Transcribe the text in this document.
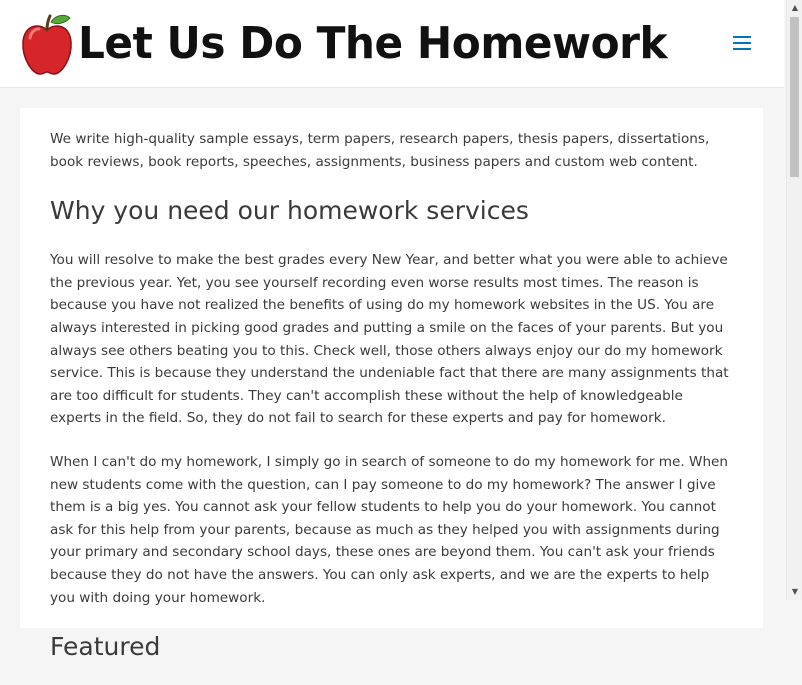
Let Us Do The Homework

We write high-quality sample essays, term papers, research papers, thesis papers, dissertations, book reviews, book reports, speeches, assignments, business papers and custom web content.

Why you need our homework services

You will resolve to make the best grades every New Year, and better what you were able to achieve the previous year. Yet, you see yourself recording even worse results most times. The reason is because you have not realized the benefits of using do my homework websites in the US. You are always interested in picking good grades and putting a smile on the faces of your parents. But you always see others beating you to this. Check well, those others always enjoy our do my homework service. This is because they understand the undeniable fact that there are many assignments that are too difficult for students. They can't accomplish these without the help of knowledgeable experts in the field. So, they do not fail to search for these experts and pay for homework.

When I can't do my homework, I simply go in search of someone to do my homework for me. When new students come with the question, can I pay someone to do my homework? The answer I give them is a big yes. You cannot ask your fellow students to help you do your homework. You cannot ask for this help from your parents, because as much as they helped you with assignments during your primary and secondary school days, these ones are beyond them. You can't ask your friends because they do not have the answers. You can only ask experts, and we are the experts to help you with doing your homework.

Featured
▲
▼
